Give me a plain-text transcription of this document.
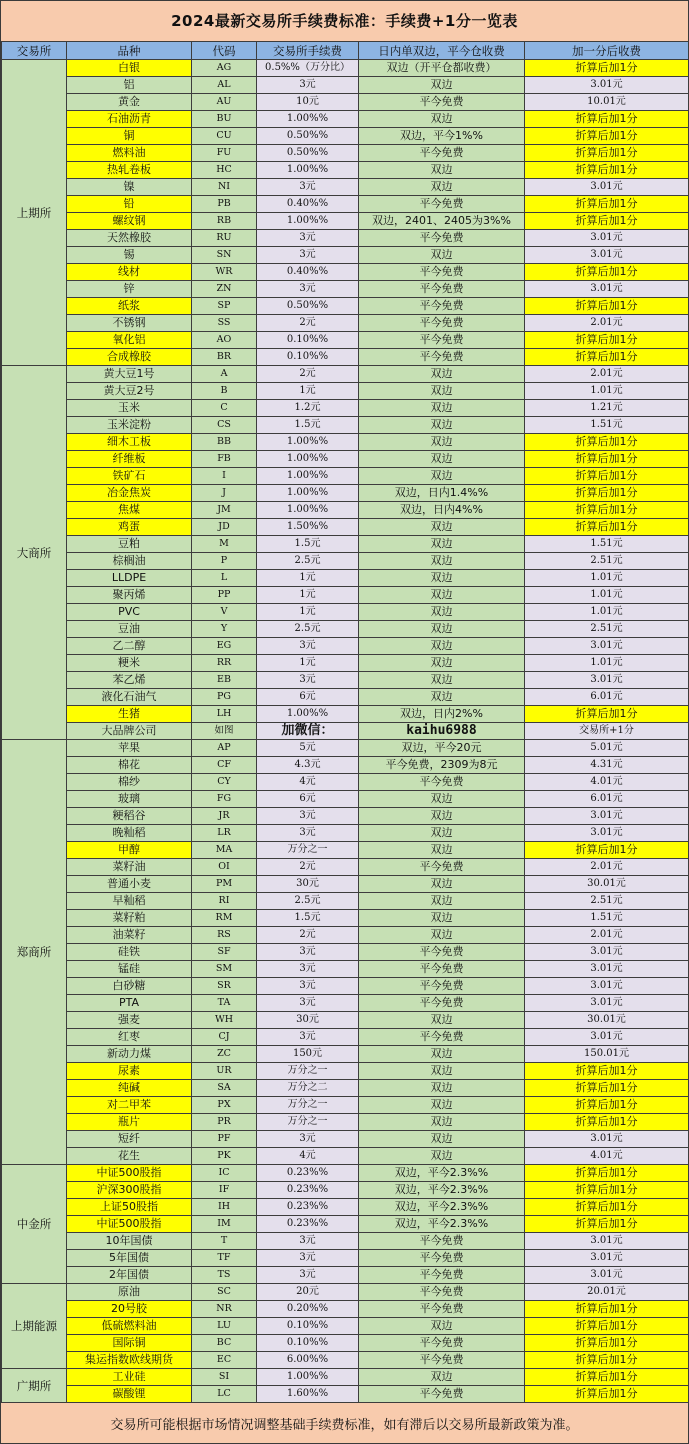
2024最新交易所手续费标准：手续费+1分一览表
交易所	品种	代码	交易所手续费	日内单双边，平今仓收费	加一分后收费
上期所	白银	AG	0.5%%（万分比）	双边（开平仓都收费）	折算后加1分
	铝	AL	3元	双边	3.01元
	黄金	AU	10元	平今免费	10.01元
	石油沥青	BU	1.00%%	双边	折算后加1分
	铜	CU	0.50%%	双边，平今1%%	折算后加1分
	燃料油	FU	0.50%%	平今免费	折算后加1分
	热轧卷板	HC	1.00%%	双边	折算后加1分
	镍	NI	3元	双边	3.01元
	铅	PB	0.40%%	平今免费	折算后加1分
	螺纹钢	RB	1.00%%	双边，2401、2405为3%%	折算后加1分
	天然橡胶	RU	3元	平今免费	3.01元
	锡	SN	3元	双边	3.01元
	线材	WR	0.40%%	平今免费	折算后加1分
	锌	ZN	3元	平今免费	3.01元
	纸浆	SP	0.50%%	平今免费	折算后加1分
	不锈钢	SS	2元	平今免费	2.01元
	氧化铝	AO	0.10%%	平今免费	折算后加1分
	合成橡胶	BR	0.10%%	平今免费	折算后加1分
大商所	黄大豆1号	A	2元	双边	2.01元
	黄大豆2号	B	1元	双边	1.01元
	玉米	C	1.2元	双边	1.21元
	玉米淀粉	CS	1.5元	双边	1.51元
	细木工板	BB	1.00%%	双边	折算后加1分
	纤维板	FB	1.00%%	双边	折算后加1分
	铁矿石	I	1.00%%	双边	折算后加1分
	冶金焦炭	J	1.00%%	双边，日内1.4%%	折算后加1分
	焦煤	JM	1.00%%	双边，日内4%%	折算后加1分
	鸡蛋	JD	1.50%%	双边	折算后加1分
	豆粕	M	1.5元	双边	1.51元
	棕榈油	P	2.5元	双边	2.51元
	LLDPE	L	1元	双边	1.01元
	聚丙烯	PP	1元	双边	1.01元
	PVC	V	1元	双边	1.01元
	豆油	Y	2.5元	双边	2.51元
	乙二醇	EG	3元	双边	3.01元
	粳米	RR	1元	双边	1.01元
	苯乙烯	EB	3元	双边	3.01元
	液化石油气	PG	6元	双边	6.01元
	生猪	LH	1.00%%	双边，日内2%%	折算后加1分
	大品牌公司	如图	加微信：	kaihu6988	交易所+1分
郑商所	苹果	AP	5元	双边，平今20元	5.01元
	棉花	CF	4.3元	平今免费，2309为8元	4.31元
	棉纱	CY	4元	平今免费	4.01元
	玻璃	FG	6元	双边	6.01元
	粳稻谷	JR	3元	双边	3.01元
	晚籼稻	LR	3元	双边	3.01元
	甲醇	MA	万分之一	双边	折算后加1分
	菜籽油	OI	2元	平今免费	2.01元
	普通小麦	PM	30元	双边	30.01元
	早籼稻	RI	2.5元	双边	2.51元
	菜籽粕	RM	1.5元	双边	1.51元
	油菜籽	RS	2元	双边	2.01元
	硅铁	SF	3元	平今免费	3.01元
	锰硅	SM	3元	平今免费	3.01元
	白砂糖	SR	3元	平今免费	3.01元
	PTA	TA	3元	平今免费	3.01元
	强麦	WH	30元	双边	30.01元
	红枣	CJ	3元	平今免费	3.01元
	新动力煤	ZC	150元	双边	150.01元
	尿素	UR	万分之一	双边	折算后加1分
	纯碱	SA	万分之二	双边	折算后加1分
	对二甲苯	PX	万分之一	双边	折算后加1分
	瓶片	PR	万分之一	双边	折算后加1分
	短纤	PF	3元	双边	3.01元
	花生	PK	4元	双边	4.01元
中金所	中证500股指	IC	0.23%%	双边，平今2.3%%	折算后加1分
	沪深300股指	IF	0.23%%	双边，平今2.3%%	折算后加1分
	上证50股指	IH	0.23%%	双边，平今2.3%%	折算后加1分
	中证500股指	IM	0.23%%	双边，平今2.3%%	折算后加1分
	10年国债	T	3元	平今免费	3.01元
	5年国债	TF	3元	平今免费	3.01元
	2年国债	TS	3元	平今免费	3.01元
上期能源	原油	SC	20元	平今免费	20.01元
	20号胶	NR	0.20%%	平今免费	折算后加1分
	低硫燃料油	LU	0.10%%	双边	折算后加1分
	国际铜	BC	0.10%%	平今免费	折算后加1分
	集运指数欧线期货	EC	6.00%%	平今免费	折算后加1分
广期所	工业硅	SI	1.00%%	双边	折算后加1分
	碳酸锂	LC	1.60%%	平今免费	折算后加1分
交易所可能根据市场情况调整基础手续费标准，如有滞后以交易所最新政策为准。
